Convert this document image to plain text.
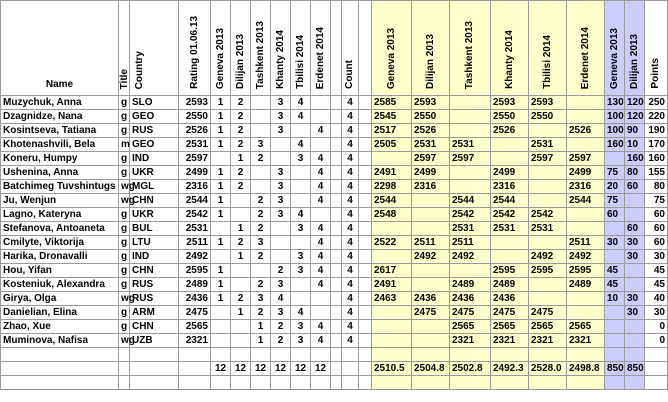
Name	Title	Country	Rating 01.06.13	Geneva 2013	Dilijan 2013	Tashkent 2013	Khanty 2014	Tbilisi 2014	Erdenet 2014		Count		Geneva 2013	Dilijan 2013	Tashkent 2013	Khanty 2014	Tbilisi 2014	Erdenet 2014	Geneva 2013	Dilijan 2013	Points
Muzychuk, Anna	g	SLO	2593	1	2		3	4			4		2585	2593		2593	2593		130	120	250
Dzagnidze, Nana	g	GEO	2550	1	2		3	4			4		2545	2550		2550	2550		100	120	220
Kosintseva, Tatiana	g	RUS	2526	1	2		3		4		4		2517	2526		2526		2526	100	90	190
Khotenashvili, Bela	m	GEO	2531	1	2	3		4			4		2505	2531	2531		2531		160	10	170
Koneru, Humpy	g	IND	2597		1	2		3	4		4			2597	2597		2597	2597		160	160
Ushenina, Anna	g	UKR	2499	1	2		3		4		4		2491	2499		2499		2499	75	80	155
Batchimeg Tuvshintugs	wg	MGL	2316	1	2		3		4		4		2298	2316		2316		2316	20	60	80
Ju, Wenjun	wg	CHN	2544	1		2	3		4		4		2544		2544	2544		2544	75		75
Lagno, Kateryna	g	UKR	2542	1		2	3	4			4		2548		2542	2542	2542		60		60
Stefanova, Antoaneta	g	BUL	2531		1	2		3	4		4				2531	2531	2531			60	60
Cmilyte, Viktorija	g	LTU	2511	1	2	3			4		4		2522	2511	2511			2511	30	30	60
Harika, Dronavalli	g	IND	2492		1	2		3	4		4			2492	2492		2492	2492		30	30
Hou, Yifan	g	CHN	2595	1			2	3	4		4		2617			2595	2595	2595	45		45
Kosteniuk, Alexandra	g	RUS	2489	1		2	3		4		4		2491		2489	2489		2489	45		45
Girya, Olga	wg	RUS	2436	1	2	3	4				4		2463	2436	2436	2436			10	30	40
Danielian, Elina	g	ARM	2475		1	2	3	4			4			2475	2475	2475	2475			30	30
Zhao, Xue	g	CHN	2565			1	2	3	4		4				2565	2565	2565	2565			0
Muminova, Nafisa	wg	UZB	2321			1	2	3	4		4				2321	2321	2321	2321			0

				12	12	12	12	12	12				2510.5	2504.8	2502.8	2492.3	2528.0	2498.8	850	850	
